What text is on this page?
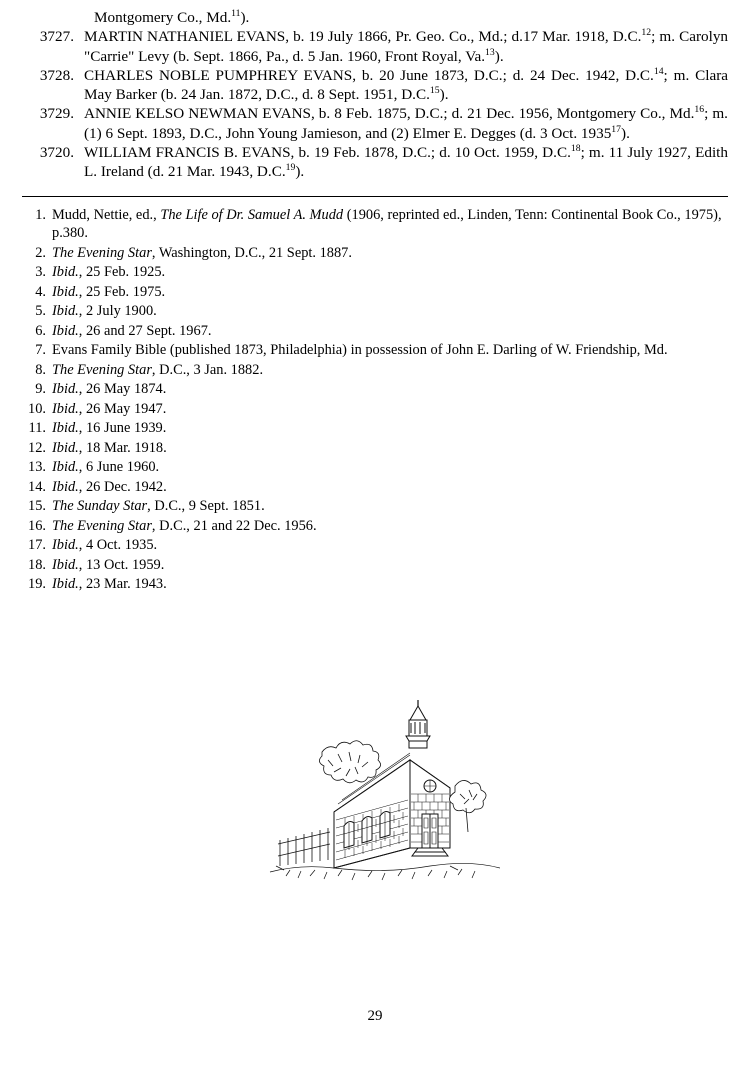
Montgomery Co., Md.$^{11}$).
3727. MARTIN NATHANIEL EVANS, b. 19 July 1866, Pr. Geo. Co., Md.; d.17 Mar. 1918, D.C.$^{12}$; m. Carolyn "Carrie" Levy (b. Sept. 1866, Pa., d. 5 Jan. 1960, Front Royal, Va.$^{13}$).
3728. CHARLES NOBLE PUMPHREY EVANS, b. 20 June 1873, D.C.; d. 24 Dec. 1942, D.C.$^{14}$; m. Clara May Barker (b. 24 Jan. 1872, D.C., d. 8 Sept. 1951, D.C.$^{15}$).
3729. ANNIE KELSO NEWMAN EVANS, b. 8 Feb. 1875, D.C.; d. 21 Dec. 1956, Montgomery Co., Md.$^{16}$; m. (1) 6 Sept. 1893, D.C., John Young Jamieson, and (2) Elmer E. Degges (d. 3 Oct. 1935$^{17}$).
3720. WILLIAM FRANCIS B. EVANS, b. 19 Feb. 1878, D.C.; d. 10 Oct. 1959, D.C.$^{18}$; m. 11 July 1927, Edith L. Ireland (d. 21 Mar. 1943, D.C.$^{19}$).
1. Mudd, Nettie, ed., The Life of Dr. Samuel A. Mudd (1906, reprinted ed., Linden, Tenn: Continental Book Co., 1975), p.380.
2. The Evening Star, Washington, D.C., 21 Sept. 1887.
3. Ibid., 25 Feb. 1925.
4. Ibid., 25 Feb. 1975.
5. Ibid., 2 July 1900.
6. Ibid., 26 and 27 Sept. 1967.
7. Evans Family Bible (published 1873, Philadelphia) in possession of John E. Darling of W. Friendship, Md.
8. The Evening Star, D.C., 3 Jan. 1882.
9. Ibid., 26 May 1874.
10. Ibid., 26 May 1947.
11. Ibid., 16 June 1939.
12. Ibid., 18 Mar. 1918.
13. Ibid., 6 June 1960.
14. Ibid., 26 Dec. 1942.
15. The Sunday Star, D.C., 9 Sept. 1851.
16. The Evening Star, D.C., 21 and 22 Dec. 1956.
17. Ibid., 4 Oct. 1935.
18. Ibid., 13 Oct. 1959.
19. Ibid., 23 Mar. 1943.
29
